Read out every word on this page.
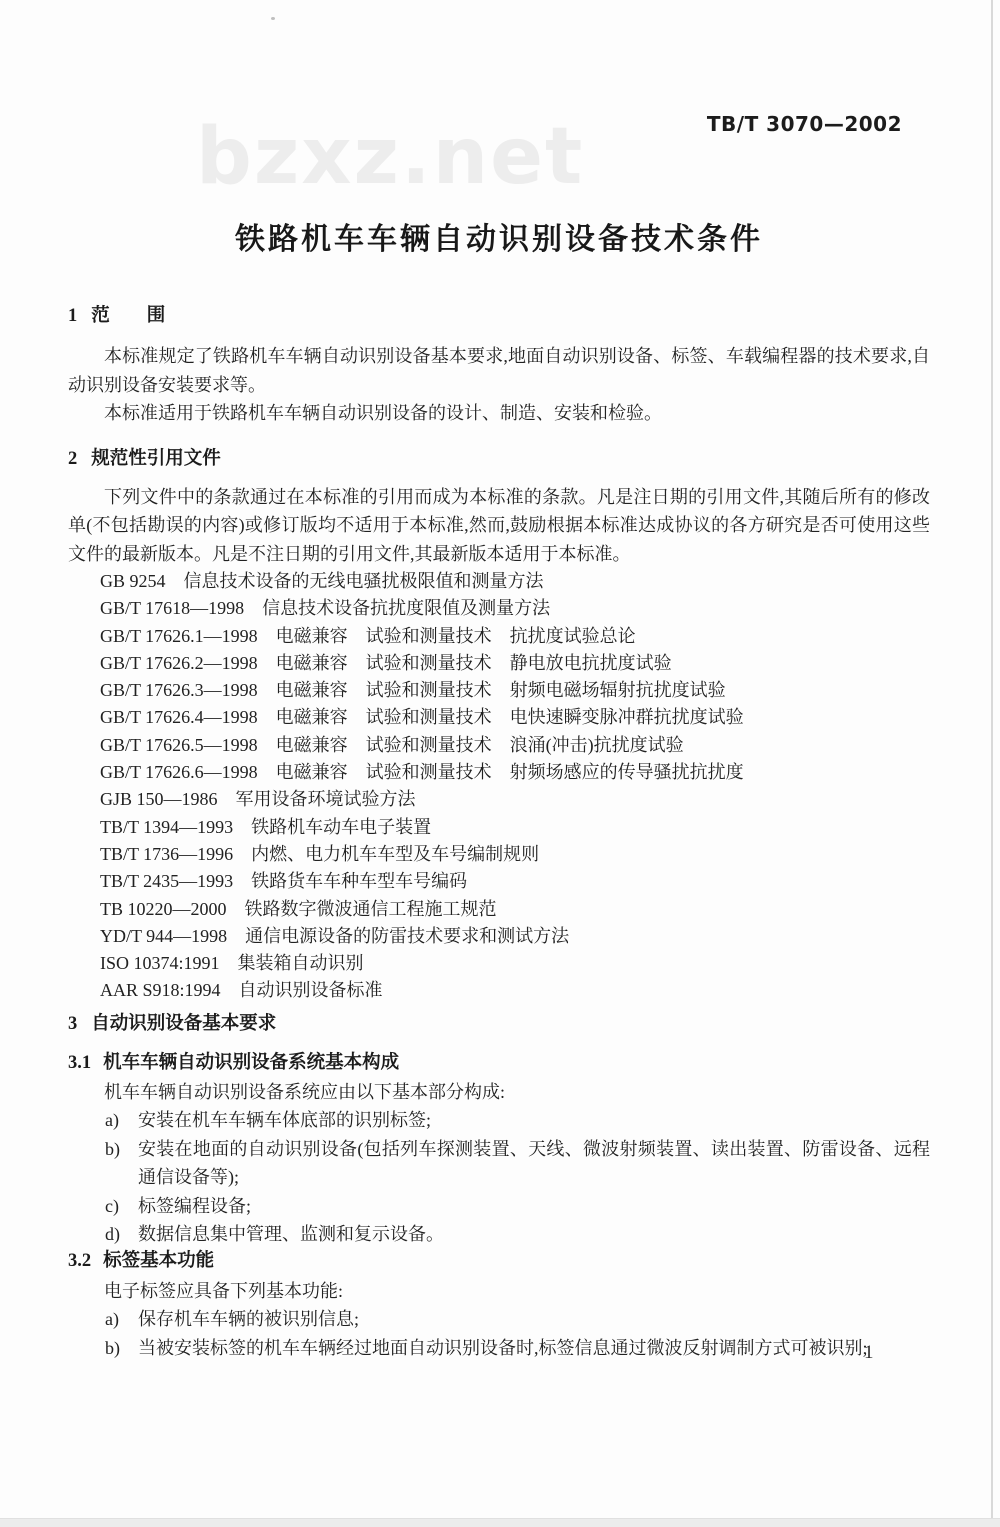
bzxz.net	TB/T 3070—2002
铁路机车车辆自动识别设备技术条件
1 范　　围

本标准规定了铁路机车车辆自动识别设备基本要求,地面自动识别设备、标签、车载编程器的技术要求,自动识别设备安装要求等。

本标准适用于铁路机车车辆自动识别设备的设计、制造、安装和检验。

2 规范性引用文件

下列文件中的条款通过在本标准的引用而成为本标准的条款。凡是注日期的引用文件,其随后所有的修改单(不包括勘误的内容)或修订版均不适用于本标准,然而,鼓励根据本标准达成协议的各方研究是否可使用这些文件的最新版本。凡是不注日期的引用文件,其最新版本适用于本标准。

GB 9254　信息技术设备的无线电骚扰极限值和测量方法
GB/T 17618—1998　信息技术设备抗扰度限值及测量方法
GB/T 17626.1—1998　电磁兼容　试验和测量技术　抗扰度试验总论
GB/T 17626.2—1998　电磁兼容　试验和测量技术　静电放电抗扰度试验
GB/T 17626.3—1998　电磁兼容　试验和测量技术　射频电磁场辐射抗扰度试验
GB/T 17626.4—1998　电磁兼容　试验和测量技术　电快速瞬变脉冲群抗扰度试验
GB/T 17626.5—1998　电磁兼容　试验和测量技术　浪涌(冲击)抗扰度试验
GB/T 17626.6—1998　电磁兼容　试验和测量技术　射频场感应的传导骚扰抗扰度
GJB 150—1986　军用设备环境试验方法
TB/T 1394—1993　铁路机车动车电子装置
TB/T 1736—1996　内燃、电力机车车型及车号编制规则
TB/T 2435—1993　铁路货车车种车型车号编码
TB 10220—2000　铁路数字微波通信工程施工规范
YD/T 944—1998　通信电源设备的防雷技术要求和测试方法
ISO 10374:1991　集装箱自动识别
AAR S918:1994　自动识别设备标准
3 自动识别设备基本要求
3.1 机车车辆自动识别设备系统基本构成

机车车辆自动识别设备系统应由以下基本部分构成:

a)	安装在机车车辆车体底部的识别标签;
b)	安装在地面的自动识别设备(包括列车探测装置、天线、微波射频装置、读出装置、防雷设备、远程通信设备等);
c)	标签编程设备;
d)	数据信息集中管理、监测和复示设备。
3.2 标签基本功能

电子标签应具备下列基本功能:

a)	保存机车车辆的被识别信息;
b)	当被安装标签的机车车辆经过地面自动识别设备时,标签信息通过微波反射调制方式可被识别;
1
